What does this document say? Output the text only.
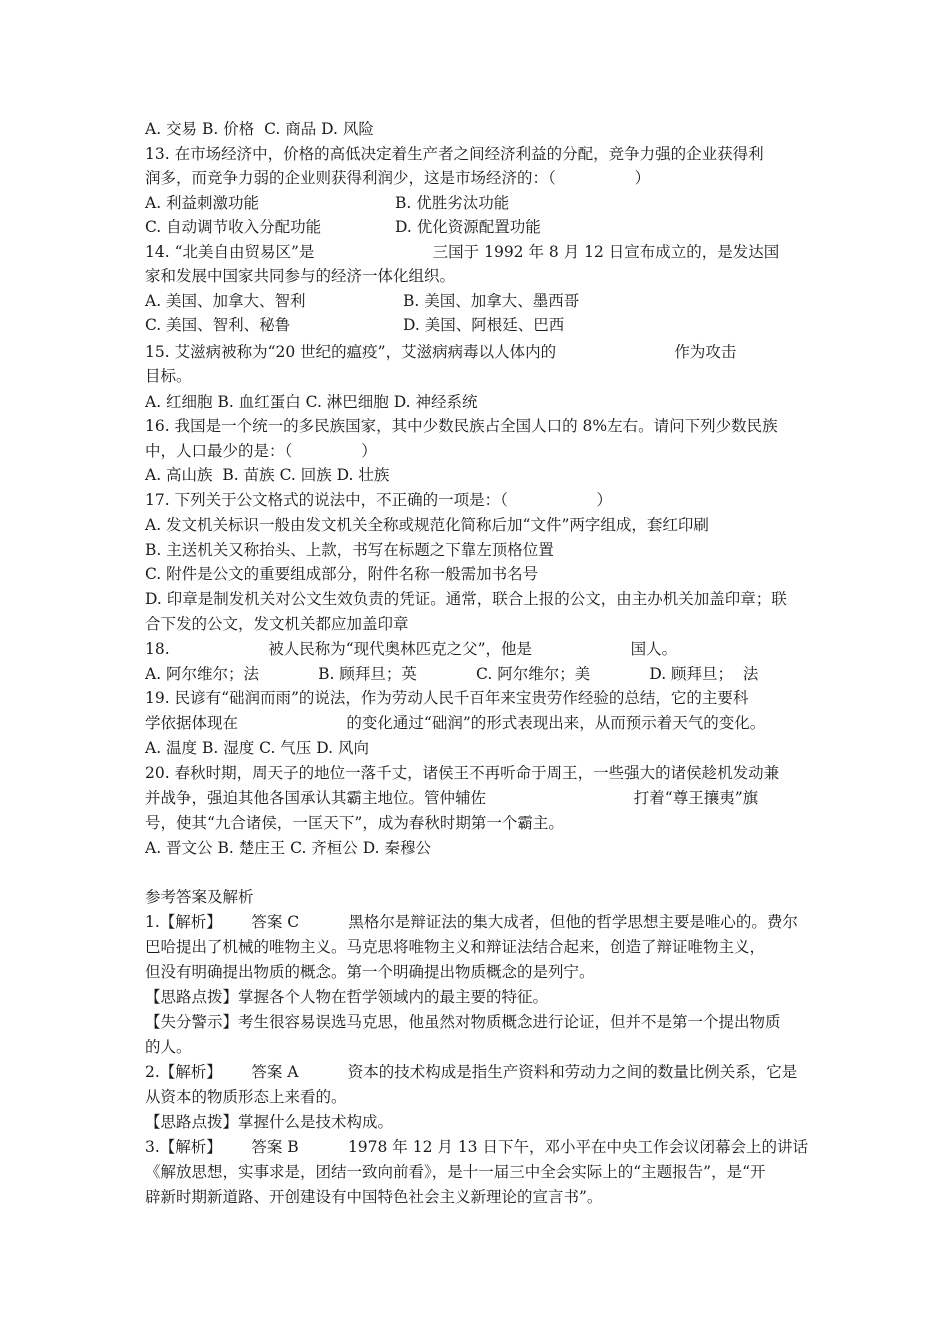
A. 交易 B. 价格  C. 商品 D. 风险
13. 在市场经济中，价格的高低决定着生产者之间经济利益的分配，竞争力强的企业获得利
润多，而竞争力弱的企业则获得利润少，这是市场经济的：（                ）
A. 利益刺激功能	B. 优胜劣汰功能
C. 自动调节收入分配功能	D. 优化资源配置功能
14. “北美自由贸易区”是                        三国于 1992 年 8 月 12 日宣布成立的，是发达国
家和发展中国家共同参与的经济一体化组织。
A. 美国、加拿大、智利	B. 美国、加拿大、墨西哥
C. 美国、智利、秘鲁	D. 美国、阿根廷、巴西
15. 艾滋病被称为“20 世纪的瘟疫”，艾滋病病毒以人体内的                        作为攻击
目标。
A. 红细胞 B. 血红蛋白 C. 淋巴细胞 D. 神经系统
16. 我国是一个统一的多民族国家，其中少数民族占全国人口的 8%左右。请问下列少数民族
中，人口最少的是：（              ）
A. 高山族  B. 苗族 C. 回族 D. 壮族
17. 下列关于公文格式的说法中，不正确的一项是：（                  ）
A. 发文机关标识一般由发文机关全称或规范化简称后加“文件”两字组成，套红印刷
B. 主送机关又称抬头、上款，书写在标题之下靠左顶格位置
C. 附件是公文的重要组成部分，附件名称一般需加书名号
D. 印章是制发机关对公文生效负责的凭证。通常，联合上报的公文，由主办机关加盖印章；联
合下发的公文，发文机关都应加盖印章
18.                    被人民称为“现代奥林匹克之父”，他是                    国人。
A. 阿尔维尔；法            B. 顾拜旦；英            C. 阿尔维尔；美            D. 顾拜旦；  法
19. 民谚有“础润而雨”的说法，作为劳动人民千百年来宝贵劳作经验的总结，它的主要科
学依据体现在                      的变化通过“础润”的形式表现出来，从而预示着天气的变化。
A. 温度 B. 湿度 C. 气压 D. 风向
20. 春秋时期，周天子的地位一落千丈，诸侯王不再听命于周王，一些强大的诸侯趁机发动兼
并战争，强迫其他各国承认其霸主地位。管仲辅佐                              打着“尊王攘夷”旗
号，使其“九合诸侯，一匡天下”，成为春秋时期第一个霸主。
A. 晋文公 B. 楚庄王 C. 齐桓公 D. 秦穆公
参考答案及解析
1.【解析】      答案 C          黑格尔是辩证法的集大成者，但他的哲学思想主要是唯心的。费尔
巴哈提出了机械的唯物主义。马克思将唯物主义和辩证法结合起来，创造了辩证唯物主义，
但没有明确提出物质的概念。第一个明确提出物质概念的是列宁。
【思路点拨】掌握各个人物在哲学领域内的最主要的特征。
【失分警示】考生很容易误选马克思，他虽然对物质概念进行论证，但并不是第一个提出物质
的人。
2.【解析】      答案 A          资本的技术构成是指生产资料和劳动力之间的数量比例关系，它是
从资本的物质形态上来看的。
【思路点拨】掌握什么是技术构成。
3.【解析】      答案 B          1978 年 12 月 13 日下午，邓小平在中央工作会议闭幕会上的讲话
《解放思想，实事求是，团结一致向前看》，是十一届三中全会实际上的“主题报告”，是“开
辟新时期新道路、开创建设有中国特色社会主义新理论的宣言书”。
